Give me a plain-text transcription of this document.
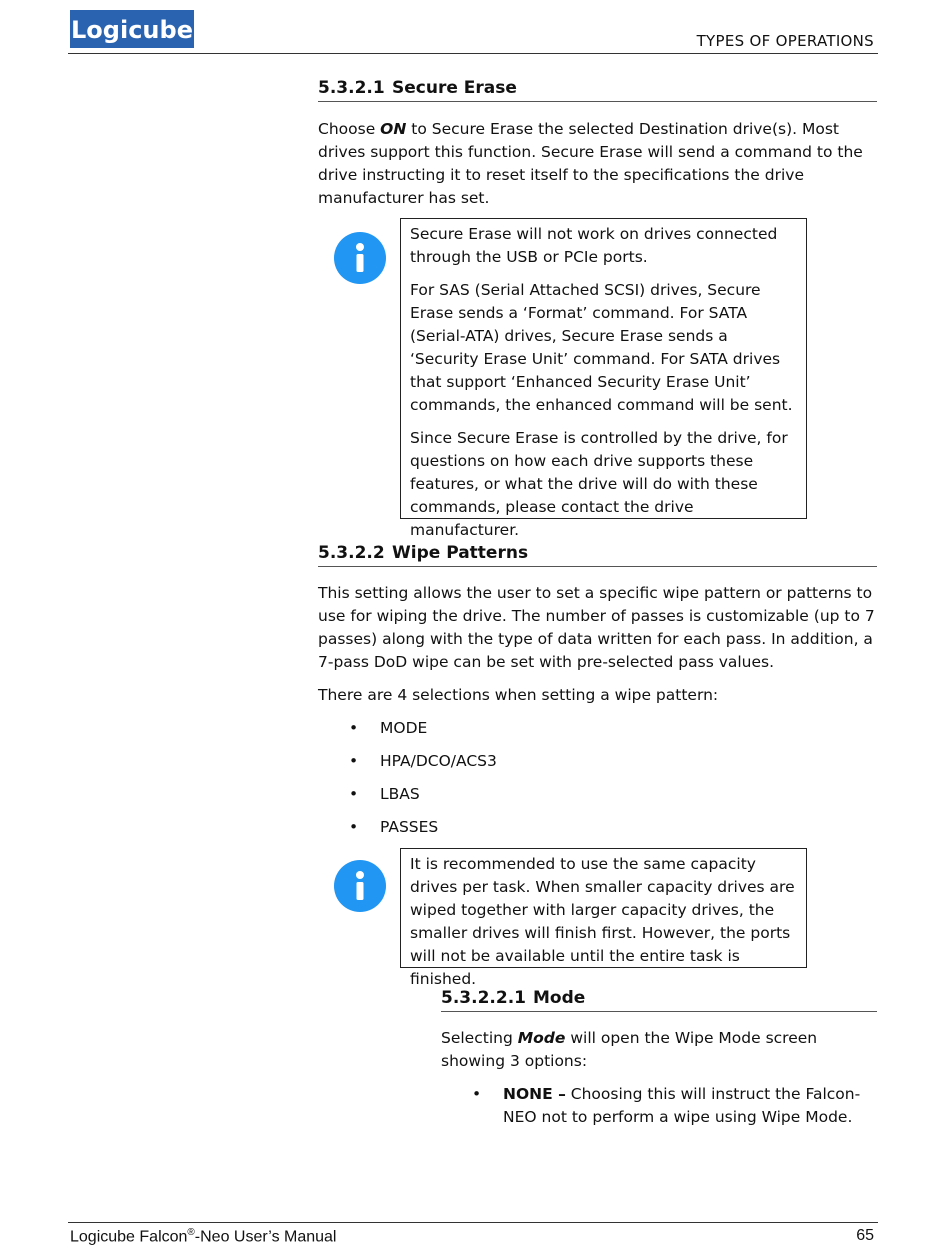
Logicube	TYPES OF OPERATIONS
5.3.2.1 Secure Erase
Choose ON to Secure Erase the selected Destination drive(s). Most drives support this function. Secure Erase will send a command to the drive instructing it to reset itself to the specifications the drive manufacturer has set.

Secure Erase will not work on drives connected through the USB or PCIe ports.

For SAS (Serial Attached SCSI) drives, Secure Erase sends a ‘Format’ command. For SATA (Serial-ATA) drives, Secure Erase sends a ‘Security Erase Unit’ command. For SATA drives that support ‘Enhanced Security Erase Unit’ commands, the enhanced command will be sent.

Since Secure Erase is controlled by the drive, for questions on how each drive supports these features, or what the drive will do with these commands, please contact the drive manufacturer.

5.3.2.2 Wipe Patterns
This setting allows the user to set a specific wipe pattern or patterns to use for wiping the drive. The number of passes is customizable (up to 7 passes) along with the type of data written for each pass. In addition, a 7-pass DoD wipe can be set with pre-selected pass values.
There are 4 selections when setting a wipe pattern:
• MODE
• HPA/DCO/ACS3
• LBAS
• PASSES

It is recommended to use the same capacity drives per task. When smaller capacity drives are wiped together with larger capacity drives, the smaller drives will finish first. However, the ports will not be available until the entire task is finished.

5.3.2.2.1 Mode
Selecting Mode will open the Wipe Mode screen showing 3 options:
• NONE – Choosing this will instruct the Falcon-NEO not to perform a wipe using Wipe Mode.
Logicube Falcon®-Neo User’s Manual	65
